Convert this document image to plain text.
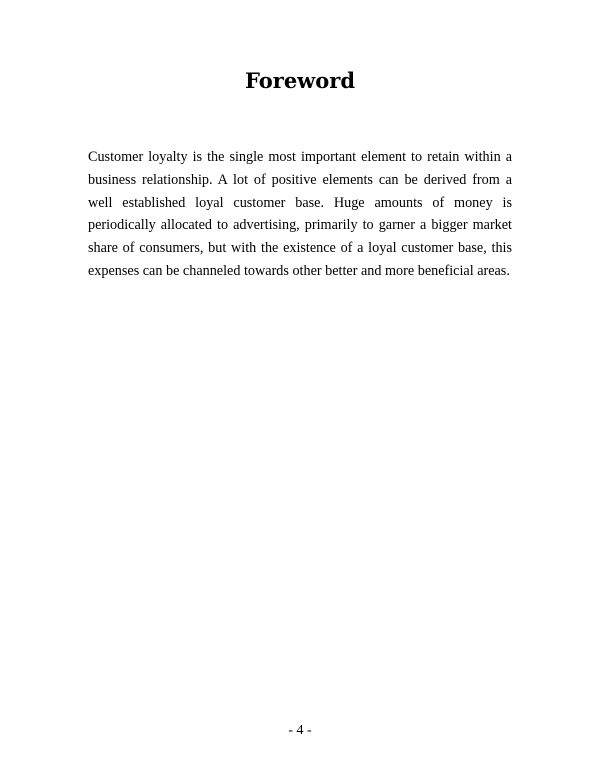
Foreword

Customer loyalty is the single most important element to retain within a business relationship. A lot of positive elements can be derived from a well established loyal customer base. Huge amounts of money is periodically allocated to advertising, primarily to garner a bigger market share of consumers, but with the existence of a loyal customer base, this expenses can be channeled towards other better and more beneficial areas.

- 4 -
